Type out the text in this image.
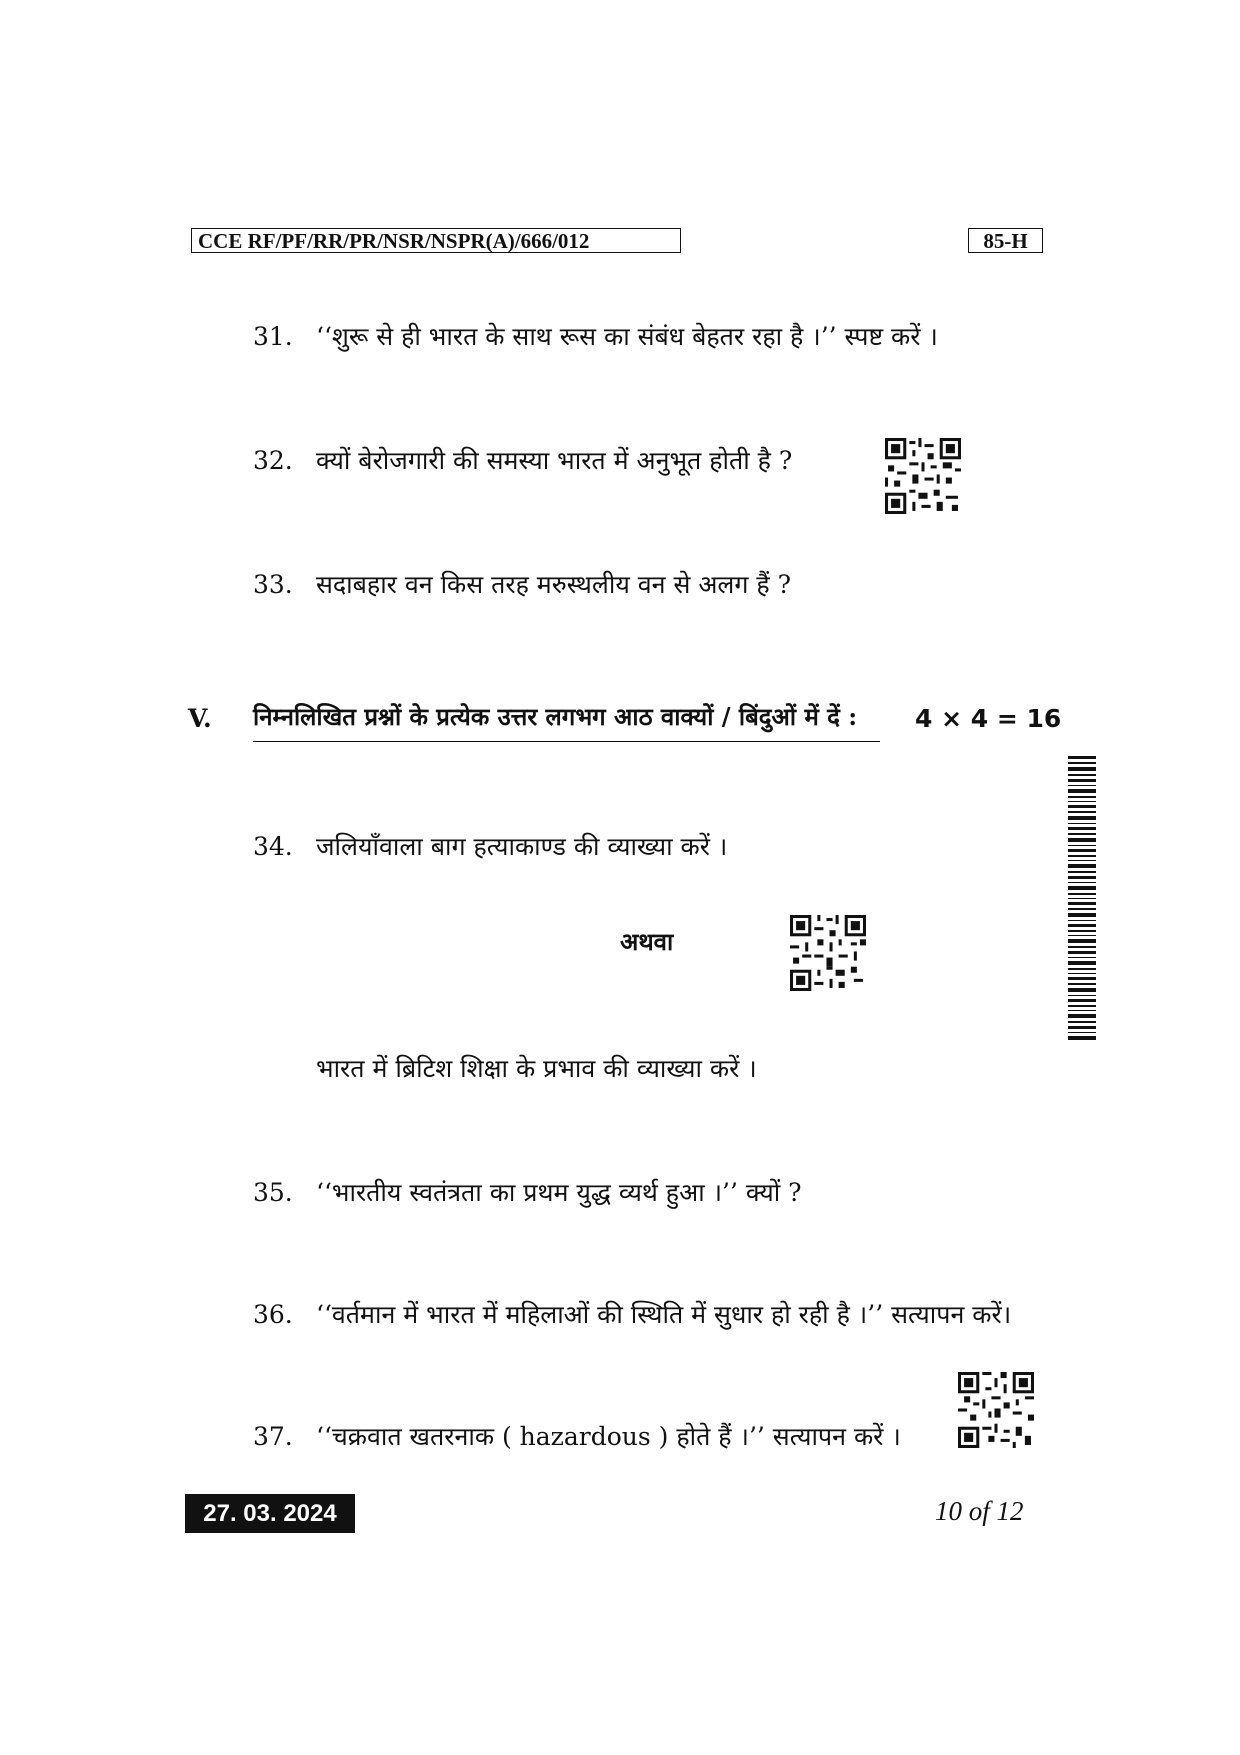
CCE RF/PF/RR/PR/NSR/NSPR(A)/666/012	85-H
31. ‘‘शुरू से ही भारत के साथ रूस का संबंध बेहतर रहा है ।’’ स्पष्ट करें ।
32. क्यों बेरोजगारी की समस्या भारत में अनुभूत होती है ?
33. सदाबहार वन किस तरह मरुस्थलीय वन से अलग हैं ?
V. निम्नलिखित प्रश्नों के प्रत्येक उत्तर लगभग आठ वाक्यों / बिंदुओं में दें :	4 × 4 = 16
34. जलियाँवाला बाग हत्याकाण्ड की व्याख्या करें ।
अथवा
भारत में ब्रिटिश शिक्षा के प्रभाव की व्याख्या करें ।
35. ‘‘भारतीय स्वतंत्रता का प्रथम युद्ध व्यर्थ हुआ ।’’ क्यों ?
36. ‘‘वर्तमान में भारत में महिलाओं की स्थिति में सुधार हो रही है ।’’ सत्यापन करें।
37. ‘‘चक्रवात खतरनाक ( hazardous ) होते हैं ।’’ सत्यापन करें ।
27. 03. 2024	10 of 12
